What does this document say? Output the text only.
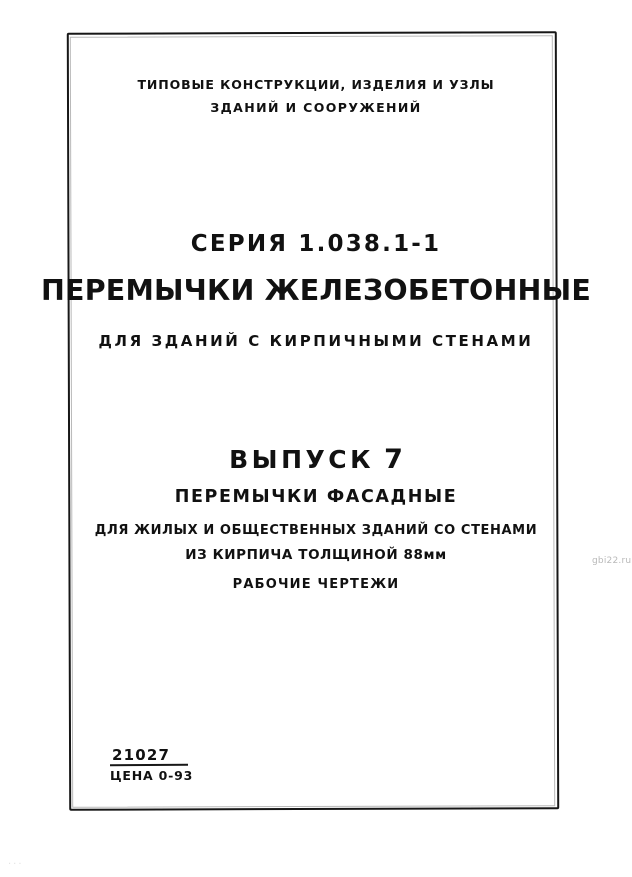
ТИПОВЫЕ КОНСТРУКЦИИ, ИЗДЕЛИЯ И УЗЛЫ
ЗДАНИЙ И СООРУЖЕНИЙ
СЕРИЯ 1.038.1-1
ПЕРЕМЫЧКИ ЖЕЛЕЗОБЕТОННЫЕ
ДЛЯ ЗДАНИЙ С КИРПИЧНЫМИ СТЕНАМИ
ВЫПУСК 7
ПЕРЕМЫЧКИ ФАСАДНЫЕ
ДЛЯ ЖИЛЫХ И ОБЩЕСТВЕННЫХ ЗДАНИЙ СО СТЕНАМИ
ИЗ КИРПИЧА ТОЛЩИНОЙ 88мм
РАБОЧИЕ ЧЕРТЕЖИ
21027
ЦЕНА 0-93
gbi22.ru
...
